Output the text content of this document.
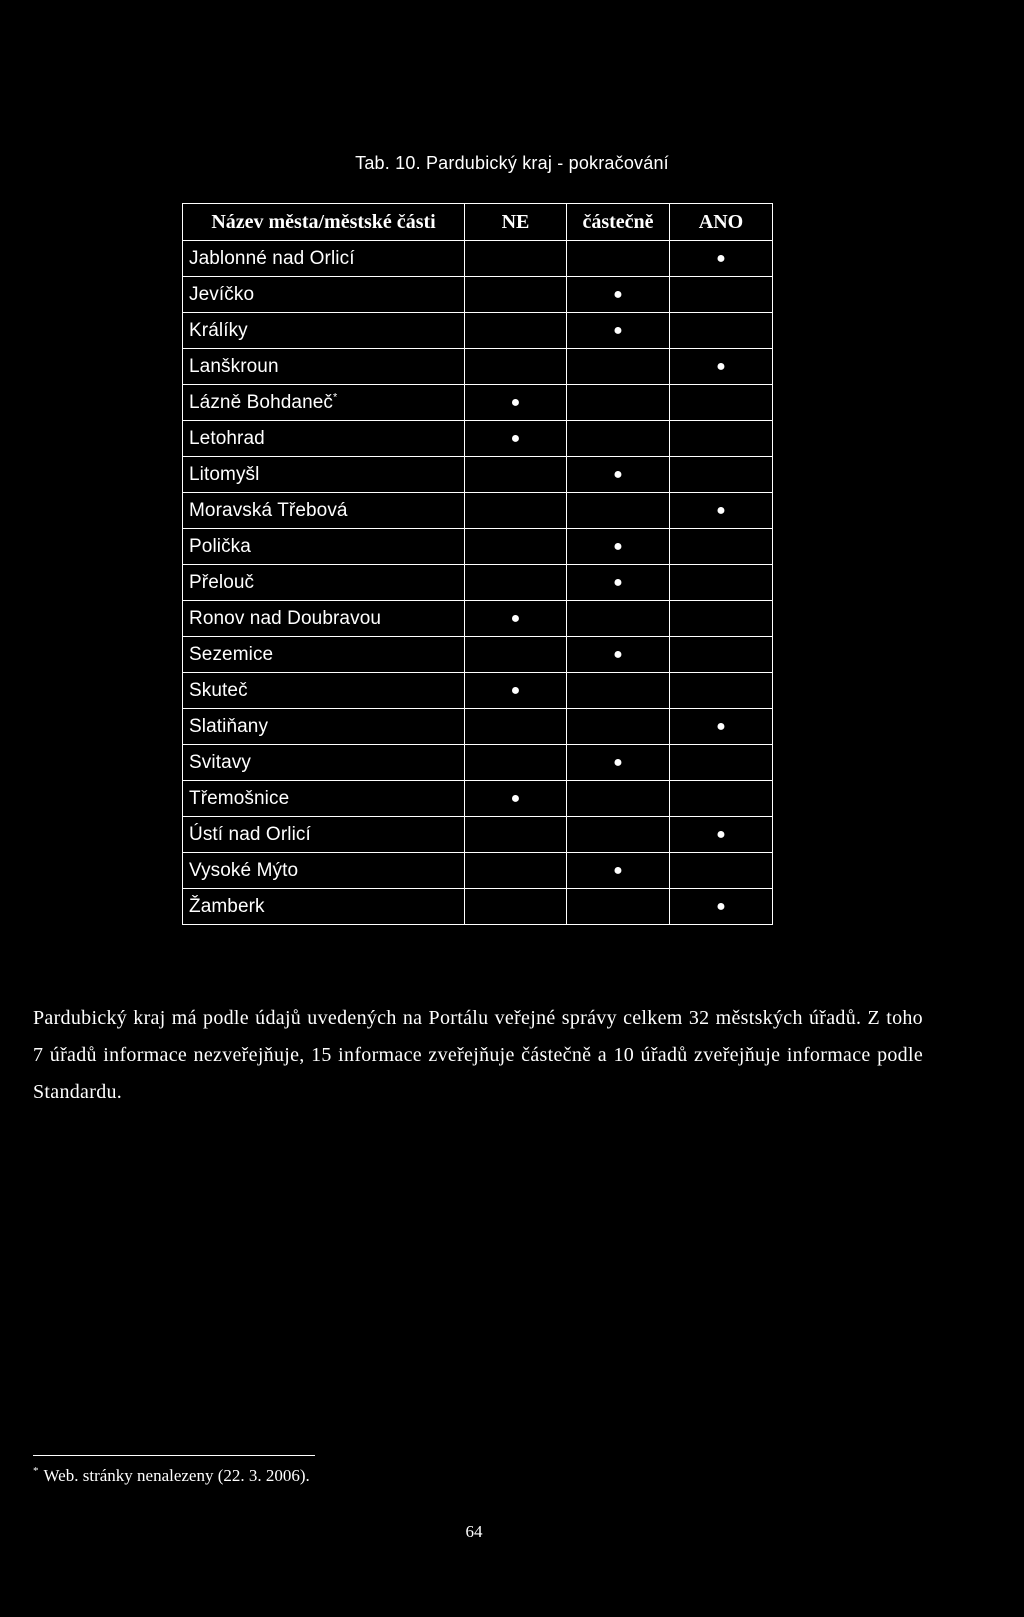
Tab. 10. Pardubický kraj - pokračování
Název města/městské části	NE	částečně	ANO
Jablonné nad Orlicí			●
Jevíčko		●	
Králíky		●	
Lanškroun			●
Lázně Bohdaneč*	●		
Letohrad	●		
Litomyšl		●	
Moravská Třebová			●
Polička		●	
Přelouč		●	
Ronov nad Doubravou	●		
Sezemice		●	
Skuteč	●		
Slatiňany			●
Svitavy		●	
Třemošnice	●		
Ústí nad Orlicí			●
Vysoké Mýto		●	
Žamberk			●
Pardubický kraj má podle údajů uvedených na Portálu veřejné správy celkem 32 městských úřadů. Z toho 7 úřadů informace nezveřejňuje, 15 informace zveřejňuje částečně a 10 úřadů zveřejňuje informace podle Standardu.
* Web. stránky nenalezeny (22. 3. 2006).
64
